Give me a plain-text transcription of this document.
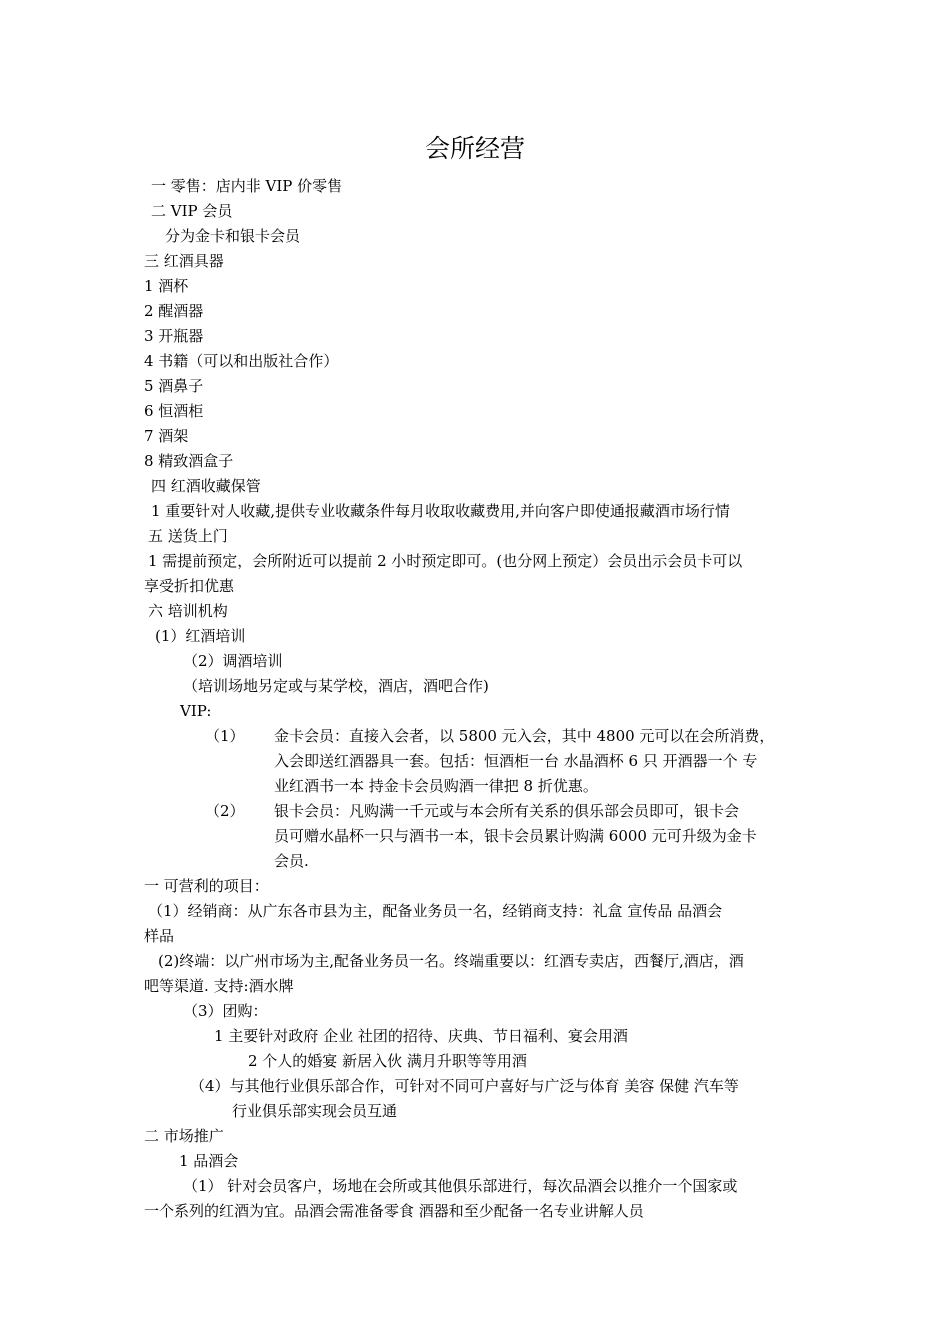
会所经营
一 零售：店内非 VIP 价零售
二 VIP 会员
分为金卡和银卡会员
三 红酒具器
1 酒杯
2 醒酒器
3 开瓶器
4 书籍（可以和出版社合作）
5 酒鼻子
6 恒酒柜
7 酒架
8 精致酒盒子
四 红酒收藏保管
1 重要针对人收藏,提供专业收藏条件每月收取收藏费用,并向客户即使通报藏酒市场行情
五 送货上门
1 需提前预定，会所附近可以提前 2 小时预定即可。(也分网上预定）会员出示会员卡可以
享受折扣优惠
六 培训机构
(1）红酒培训
（2）调酒培训
（培训场地另定或与某学校，酒店，酒吧合作)
VIP:
（1） 金卡会员：直接入会者，以 5800 元入会，其中 4800 元可以在会所消费，
入会即送红酒器具一套。包括：恒酒柜一台 水晶酒杯 6 只 开酒器一个 专
业红酒书一本 持金卡会员购酒一律把 8 折优惠。
（2） 银卡会员：凡购满一千元或与本会所有关系的俱乐部会员即可，银卡会
员可赠水晶杯一只与酒书一本，银卡会员累计购满 6000 元可升级为金卡
会员.
一 可营利的项目：
（1）经销商：从广东各市县为主，配备业务员一名，经销商支持：礼盒 宣传品 品酒会
样品
(2)终端：以广州市场为主,配备业务员一名。终端重要以：红酒专卖店，西餐厅,酒店，酒
吧等渠道. 支持:酒水牌
（3）团购：
1 主要针对政府 企业 社团的招待、庆典、节日福利、宴会用酒
2 个人的婚宴 新居入伙 满月升职等等用酒
（4）与其他行业俱乐部合作，可针对不同可户喜好与广泛与体育 美容 保健 汽车等
行业俱乐部实现会员互通
二 市场推广
1 品酒会
（1） 针对会员客户，场地在会所或其他俱乐部进行，每次品酒会以推介一个国家或
一个系列的红酒为宜。品酒会需准备零食 酒器和至少配备一名专业讲解人员
